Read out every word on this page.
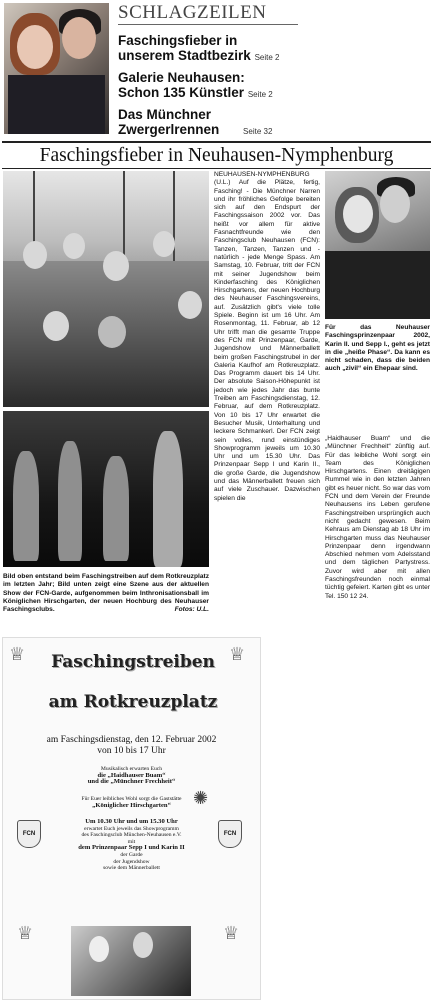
SCHLAGZEILEN
Faschingsfieber in
unserem Stadtbezirk Seite 2
Galerie Neuhausen:
Schon 135 Künstler Seite 2
Das Münchner
Zwergerlrennen	Seite 32
Faschingsfieber in Neuhausen-Nymphenburg
Bild oben entstand beim Faschingstreiben auf dem Rotkreuzplatz im letzten Jahr; Bild unten zeigt eine Szene aus der aktuellen Show der FCN-Garde, aufgenommen beim Inthronisationsball im Königlichen Hirschgarten, der neuen Hochburg des Neuhauser Faschingsclubs.	Fotos: U.L.
NEUHAUSEN-NYMPHENBURG (U.L.) Auf die Plätze, fertig, Fasching! - Die Münchner Narren und ihr fröhliches Gefolge bereiten sich auf den Endspurt der Faschingssaison 2002 vor. Das heißt vor allem für aktive Fasnachtfreunde wie den Faschingsclub Neuhausen (FCN): Tanzen, Tanzen, Tanzen und - natürlich - jede Menge Spass. Am Samstag, 10. Februar, tritt der FCN mit seiner Jugendshow beim Kinderfasching des Königlichen Hirschgartens, der neuen Hochburg des Neuhauser Faschingsvereins, auf. Zusätzlich gibt's viele tolle Spiele. Beginn ist um 16 Uhr. Am Rosenmontag, 11. Februar, ab 12 Uhr trifft man die gesamte Truppe des FCN mit Prinzenpaar, Garde, Jugendshow und Männerballett beim großen Faschingstrubel in der Galeria Kaufhof am Rotkreuzplatz. Das Programm dauert bis 14 Uhr. Der absolute Saison-Höhepunkt ist jedoch wie jedes Jahr das bunte Treiben am Faschingsdienstag, 12. Februar, auf dem Rotkreuzplatz. Von 10 bis 17 Uhr erwartet die Besucher Musik, Unterhaltung und leckere Schmankerl. Der FCN zeigt sein volles, rund einstündiges Showprogramm jeweils um 10.30 Uhr und um 15.30 Uhr. Das Prinzenpaar Sepp I und Karin II., die große Garde, die Jugendshow und das Männerballett freuen sich auf viele Zuschauer. Dazwischen spielen die
Für das Neuhauser Faschingsprinzenpaar 2002, Karin II. und Sepp I., geht es jetzt in die „heiße Phase“. Da kann es nicht schaden, dass die beiden auch „zivil“ ein Ehepaar sind.
„Haidhauser Buam“ und die „Münchner Frechheit“ zünftig auf. Für das leibliche Wohl sorgt ein Team des Königlichen Hirschgartens. Einen dreitägigen Rummel wie in den letzten Jahren gibt es heuer nicht. So war das vom FCN und dem Verein der Freunde Neuhausens ins Leben gerufene Faschingstreiben ursprünglich auch nicht gedacht gewesen. Beim Kehraus am Dienstag ab 18 Uhr im Hirschgarten muss das Neuhauser Prinzenpaar denn irgendwann Abschied nehmen vom Adelsstand und dem täglichen Partystress. Zuvor wird aber mit allen Faschingsfreunden noch einmal tüchtig gefeiert. Karten gibt es unter Tel. 150 12 24.
♕	♕
Faschingstreiben
am Rotkreuzplatz
am Faschingsdienstag, den 12. Februar 2002
von 10 bis 17 Uhr
Musikalisch erwarten Euch
die „Haidhauser Buam“
und die „Münchner Frechheit“
✺
Für Euer leibliches Wohl sorgt die Gaststätte
„Königlicher Hirschgarten“
Um 10.30 Uhr und um 15.30 Uhr
erwartet Euch jeweils das Showprogramm
des Faschingsclub München-Neuhausen e.V.
mit
dem Prinzenpaar Sepp I und Karin II
der Garde
der Jugendshow
sowie dem Männerballett
FCN	FCN
♕	♕
